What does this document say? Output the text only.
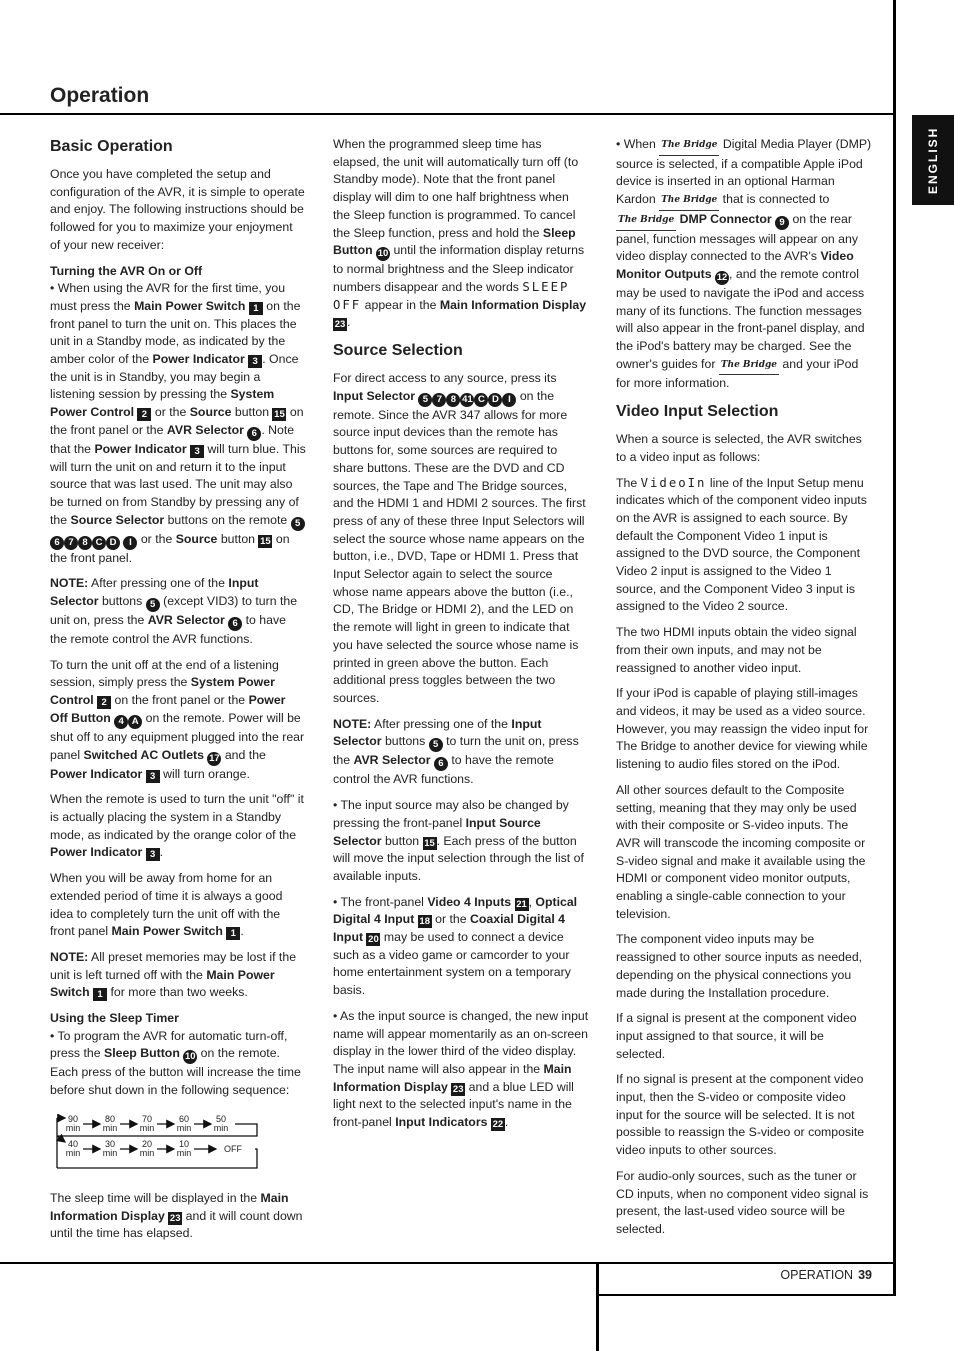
Operation
ENGLISH
Basic Operation

Once you have completed the setup and configuration of the AVR, it is simple to operate and enjoy. The following instructions should be followed for you to maximize your enjoyment of your new receiver:

Turning the AVR On or Off

• When using the AVR for the first time, you must press the Main Power Switch 1 on the front panel to turn the unit on. This places the unit in a Standby mode, as indicated by the amber color of the Power Indicator 3 . Once the unit is in Standby, you may begin a listening session by pressing the System Power Control 2 or the Source button 15 on the front panel or the AVR Selector 6 . Note that the Power Indicator 3 will turn blue. This will turn the unit on and return it to the input source that was last used. The unit may also be turned on from Standby by pressing any of the Source Selector buttons on the remote 56 7 8 C D I or the Source button 15 on the front panel.

NOTE: After pressing one of the Input Selector buttons 5 (except VID3) to turn the unit on, press the AVR Selector 6 to have the remote control the AVR functions.

To turn the unit off at the end of a listening session, simply press the System Power Control 2 on the front panel or the Power Off Button 4 A on the remote. Power will be shut off to any equipment plugged into the rear panel Switched AC Outlets 17 and the Power Indicator 3 will turn orange.

When the remote is used to turn the unit "off" it is actually placing the system in a Standby mode, as indicated by the orange color of the Power Indicator 3 .

When you will be away from home for an extended period of time it is always a good idea to completely turn the unit off with the front panel Main Power Switch 1 .

NOTE: All preset memories may be lost if the unit is left turned off with the Main Power Switch 1 for more than two weeks.

Using the Sleep Timer

• To program the AVR for automatic turn-off, press the Sleep Button 10 on the remote. Each press of the button will increase the time before shut down in the following sequence:

90
min
80
min
70
min
60
min
50
min
40
min
30
min
20
min
10
min	OFF

The sleep time will be displayed in the Main Information Display 23 and it will count down until the time has elapsed.

When the programmed sleep time has elapsed, the unit will automatically turn off (to Standby mode). Note that the front panel display will dim to one half brightness when the Sleep function is programmed. To cancel the Sleep function, press and hold the Sleep Button 10 until the information display returns to normal brightness and the Sleep indicator numbers disappear and the words SLEEP OFF appear in the Main Information Display 23 .

Source Selection

For direct access to any source, press its Input Selector 5 7 8 41 C D I on the remote. Since the AVR 347 allows for more source input devices than the remote has buttons for, some sources are required to share buttons. These are the DVD and CD sources, the Tape and The Bridge sources, and the HDMI 1 and HDMI 2 sources. The first press of any of these three Input Selectors will select the source whose name appears on the button, i.e., DVD, Tape or HDMI 1. Press that Input Selector again to select the source whose name appears above the button (i.e., CD, The Bridge or HDMI 2), and the LED on the remote will light in green to indicate that you have selected the source whose name is printed in green above the button. Each additional press toggles between the two sources.

NOTE: After pressing one of the Input Selector buttons 5 to turn the unit on, press the AVR Selector 6 to have the remote control the AVR functions.

• The input source may also be changed by pressing the front-panel Input Source Selector button 15 . Each press of the button will move the input selection through the list of available inputs.

• The front-panel Video 4 Inputs 21 , Optical Digital 4 Input 18 or the Coaxial Digital 4 Input 20 may be used to connect a device such as a video game or camcorder to your home entertainment system on a temporary basis.

• As the input source is changed, the new input name will appear momentarily as an on-screen display in the lower third of the video display. The input name will also appear in the Main Information Display 23 and a blue LED will light next to the selected input's name in the front-panel Input Indicators 22 .

• When The Bridge Digital Media Player (DMP) source is selected, if a compatible Apple iPod device is inserted in an optional Harman Kardon The Bridge that is connected to The Bridge DMP Connector 9 on the rear panel, function messages will appear on any video display connected to the AVR's Video Monitor Outputs 12 , and the remote control may be used to navigate the iPod and access many of its functions. The function messages will also appear in the front-panel display, and the iPod's battery may be charged. See the owner's guides for The Bridge and your iPod for more information.

Video Input Selection

When a source is selected, the AVR switches to a video input as follows:

The VideoIn line of the Input Setup menu indicates which of the component video inputs on the AVR is assigned to each source. By default the Component Video 1 input is assigned to the DVD source, the Component Video 2 input is assigned to the Video 1 source, and the Component Video 3 input is assigned to the Video 2 source.

The two HDMI inputs obtain the video signal from their own inputs, and may not be reassigned to another video input.

If your iPod is capable of playing still-images and videos, it may be used as a video source. However, you may reassign the video input for The Bridge to another device for viewing while listening to audio files stored on the iPod.

All other sources default to the Composite setting, meaning that they may only be used with their composite or S-video inputs. The AVR will transcode the incoming composite or S-video signal and make it available using the HDMI or component video monitor outputs, enabling a single-cable connection to your television.

The component video inputs may be reassigned to other source inputs as needed, depending on the physical connections you made during the Installation procedure.

If a signal is present at the component video input assigned to that source, it will be selected.

If no signal is present at the component video input, then the S-video or composite video input for the source will be selected. It is not possible to reassign the S-video or composite video inputs to other sources.

For audio-only sources, such as the tuner or CD inputs, when no component video signal is present, the last-used video source will be selected.

OPERATION 39
